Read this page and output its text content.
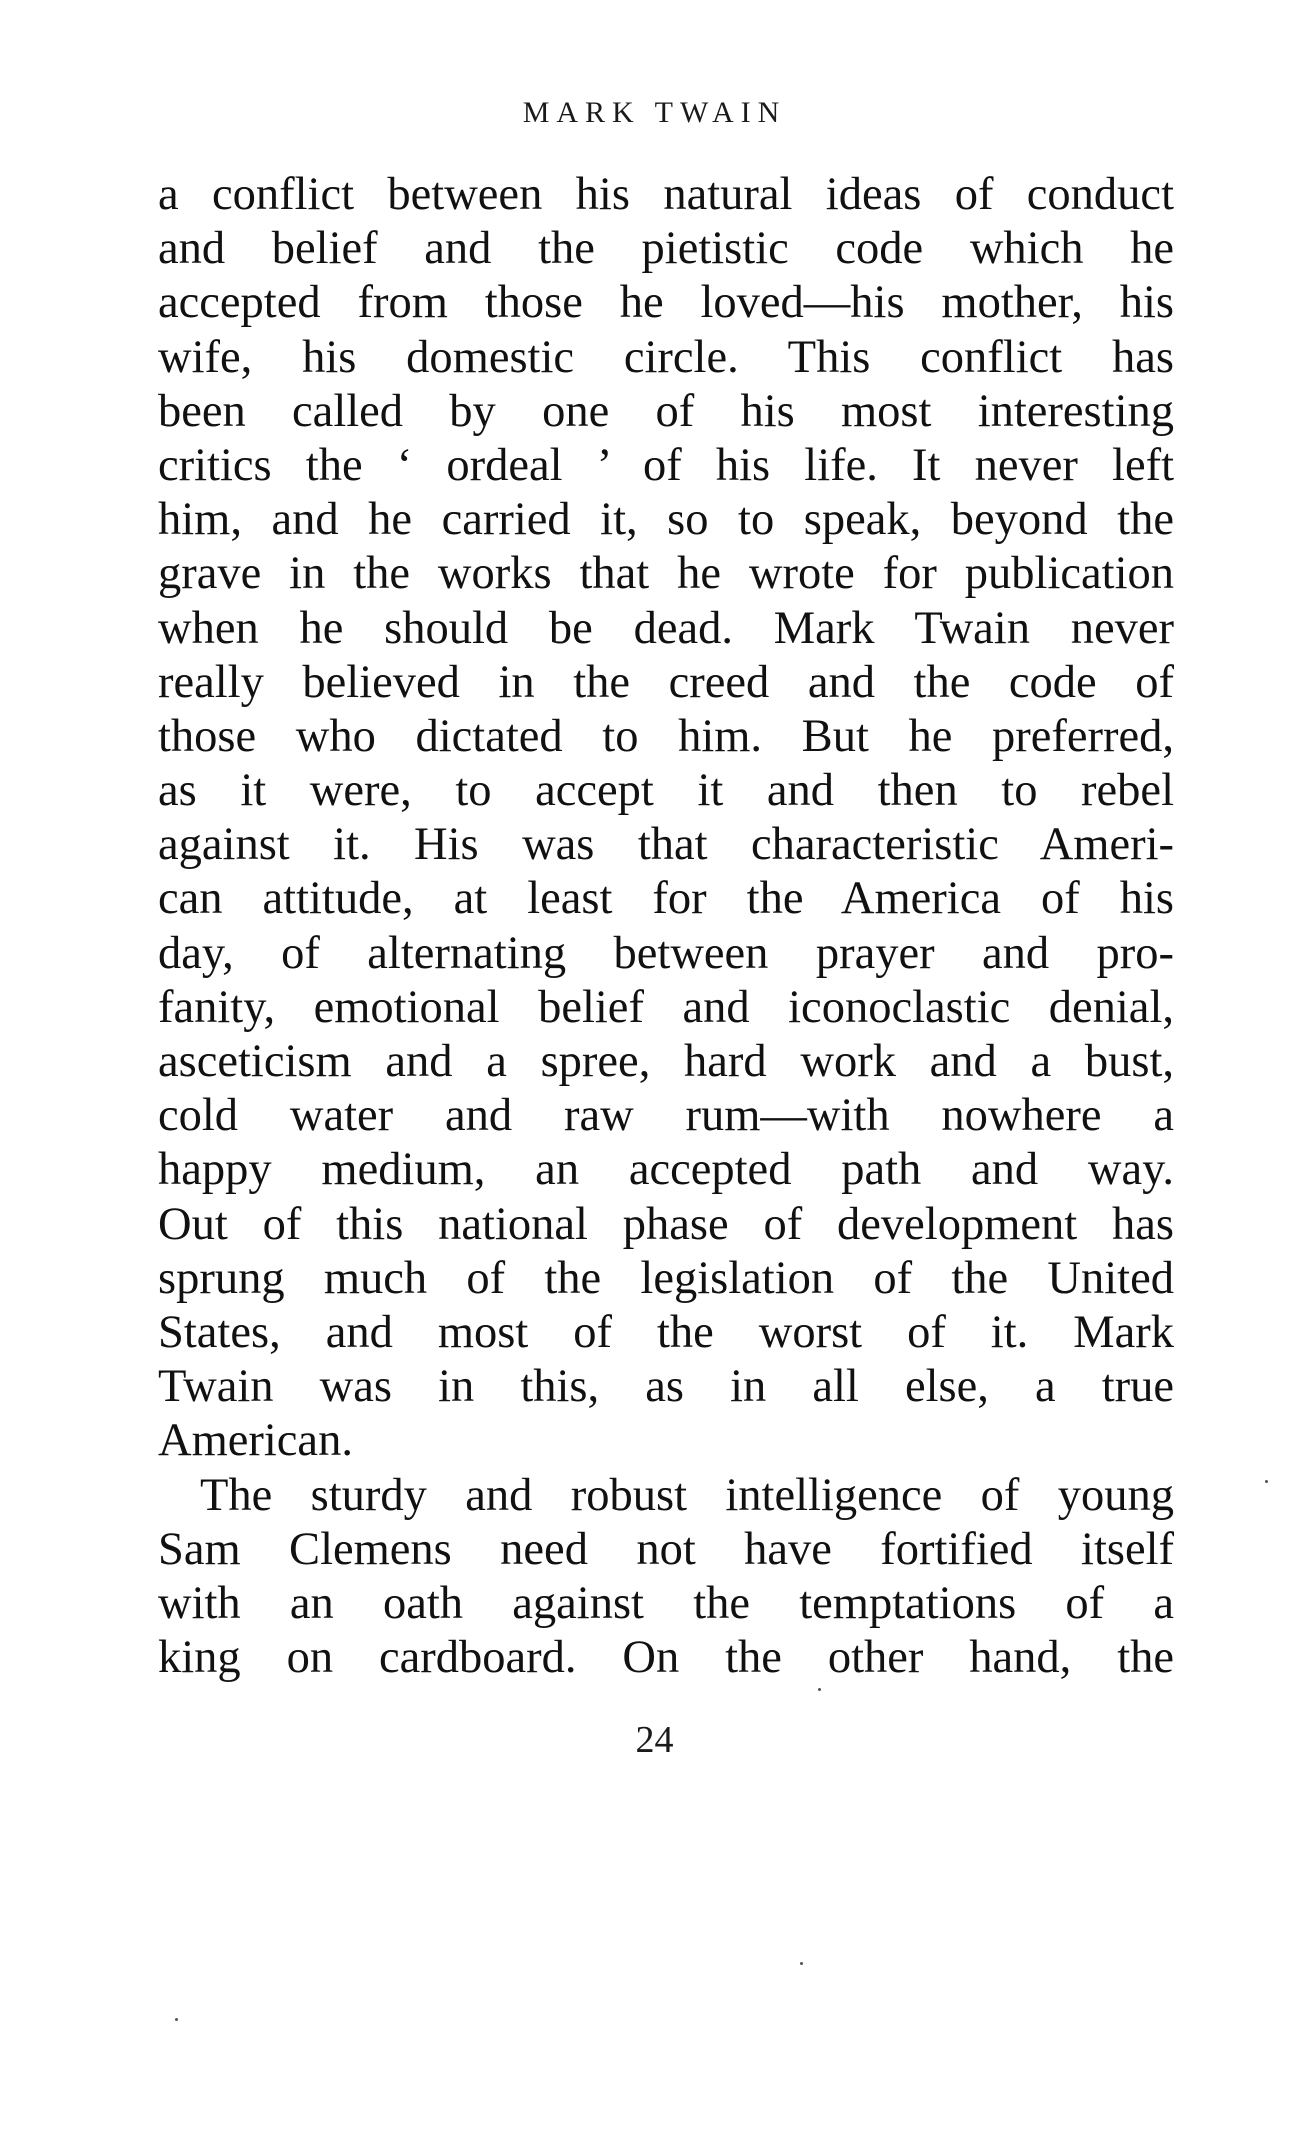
MARK TWAIN
a conflict between his natural ideas of conduct
and belief and the pietistic code which he
accepted from those he loved—his mother, his
wife, his domestic circle. This conflict has
been called by one of his most interesting
critics the ‘ ordeal ’ of his life. It never left
him, and he carried it, so to speak, beyond the
grave in the works that he wrote for publication
when he should be dead. Mark Twain never
really believed in the creed and the code of
those who dictated to him. But he preferred,
as it were, to accept it and then to rebel
against it. His was that characteristic Ameri-
can attitude, at least for the America of his
day, of alternating between prayer and pro-
fanity, emotional belief and iconoclastic denial,
asceticism and a spree, hard work and a bust,
cold water and raw rum—with nowhere a
happy medium, an accepted path and way.
Out of this national phase of development has
sprung much of the legislation of the United
States, and most of the worst of it. Mark
Twain was in this, as in all else, a true
American.
The sturdy and robust intelligence of young
Sam Clemens need not have fortified itself
with an oath against the temptations of a
king on cardboard. On the other hand, the
24
